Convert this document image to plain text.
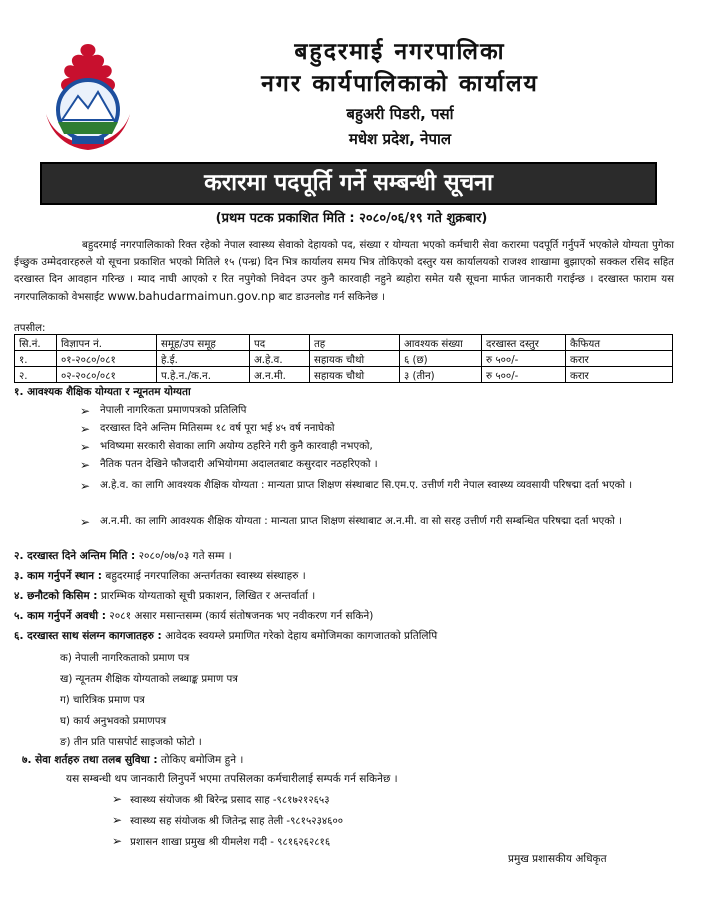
बहुदरमाई नगरपालिका
नगर कार्यपालिकाको कार्यालय
बहुअरी पिडरी, पर्सा
मधेश प्रदेश, नेपाल
करारमा पदपूर्ति गर्ने सम्बन्धी सूचना
(प्रथम पटक प्रकाशित मिति : २०८०/०६/१९ गते शुक्रबार)

बहुदरमाई नगरपालिकाको रिक्त रहेको नेपाल स्वास्थ्य सेवाको देहायको पद, संख्या र योग्यता भएको कर्मचारी सेवा करारमा पदपूर्ति गर्नुपर्ने भएकोले योग्यता पुगेका ईच्छुक उम्मेदवारहरुले यो सूचना प्रकाशित भएको मितिले १५ (पन्ध्र) दिन भित्र कार्यालय समय भित्र तोकिएको दस्तुर यस कार्यालयको राजश्व शाखामा बुझाएको सक्कल रसिद सहित दरखास्त दिन आवहान गरिन्छ । म्याद नाघी आएको र रित नपुगेको निवेदन उपर कुनै कारवाही नहुने ब्यहोरा समेत यसै सूचना मार्फत जानकारी गराईन्छ । दरखास्त फाराम यस नगरपालिकाको वेभसाईट www.bahudarmaimun.gov.np बाट डाउनलोड गर्न सकिनेछ ।

तपसील:
सि.नं.	विज्ञापन नं.	समूह/उप समूह	पद	तह	आवश्यक संख्या	दरखास्त दस्तुर	कैफियत
१.	०१-२०८०/०८१	हे.ई.	अ.हे.व.	सहायक चौथो	६ (छ)	रु ५००/-	करार
२.	०२-२०८०/०८१	प.हे.न./क.न.	अ.न.मी.	सहायक चौथो	३ (तीन)	रु ५००/-	करार
१. आवश्यक शैक्षिक योग्यता र न्यूनतम योग्यता
➢ नेपाली नागरिकता प्रमाणपत्रको प्रतिलिपि
➢ दरखास्त दिने अन्तिम मितिसम्म १८ वर्ष पूरा भई ४५ वर्ष ननाघेको
➢ भविष्यमा सरकारी सेवाका लागि अयोग्य ठहरिने गरी कुनै कारवाही नभएको,
➢ नैतिक पतन देखिने फौजदारी अभियोगमा अदालतबाट कसुरदार नठहरिएको ।
➢ अ.हे.व. का लागि आवश्यक शैक्षिक योग्यता : मान्यता प्राप्त शिक्षण संस्थाबाट सि.एम.ए. उत्तीर्ण गरी नेपाल स्वास्थ्य व्यवसायी परिषद्मा दर्ता भएको ।
➢ अ.न.मी. का लागि आवश्यक शैक्षिक योग्यता : मान्यता प्राप्त शिक्षण संस्थाबाट अ.न.मी. वा सो सरह उत्तीर्ण गरी सम्बन्धित परिषद्मा दर्ता भएको ।
२. दरखास्त दिने अन्तिम मिति : २०८०/०७/०३ गते सम्म ।
३. काम गर्नुपर्ने स्थान : बहुदरमाई नगरपालिका अन्तर्गतका स्वास्थ्य संस्थाहरु ।
४. छनौटको किसिम : प्रारम्भिक योग्यताको सूची प्रकाशन, लिखित र अन्तर्वार्ता ।
५. काम गर्नुपर्ने अवधी : २०८१ असार मसान्तसम्म (कार्य संतोषजनक भए नवीकरण गर्न सकिने)
६. दरखास्त साथ संलग्न कागजातहरु : आवेदक स्वयम्ले प्रमाणित गरेको देहाय बमोजिमका कागजातको प्रतिलिपि
क) नेपाली नागरिकताको प्रमाण पत्र
ख) न्यूनतम शैक्षिक योग्यताको लब्धाङ्क प्रमाण पत्र
ग) चारित्रिक प्रमाण पत्र
घ) कार्य अनुभवको प्रमाणपत्र
ङ) तीन प्रति पासपोर्ट साइजको फोटो ।
७. सेवा शर्तहरु तथा तलब सुविधा : तोकिए बमोजिम हुने ।
यस सम्बन्धी थप जानकारी लिनुपर्ने भएमा तपसिलका कर्मचारीलाई सम्पर्क गर्न सकिनेछ ।
➢ स्वास्थ्य संयोजक श्री बिरेन्द्र प्रसाद साह -९८१७२१२६५३
➢ स्वास्थ्य सह संयोजक श्री जितेन्द्र साह तेली -९८१५२३४६००
➢ प्रशासन शाखा प्रमुख श्री यीमलेश गदी - ९८१६२६२८१६
प्रमुख प्रशासकीय अधिकृत
